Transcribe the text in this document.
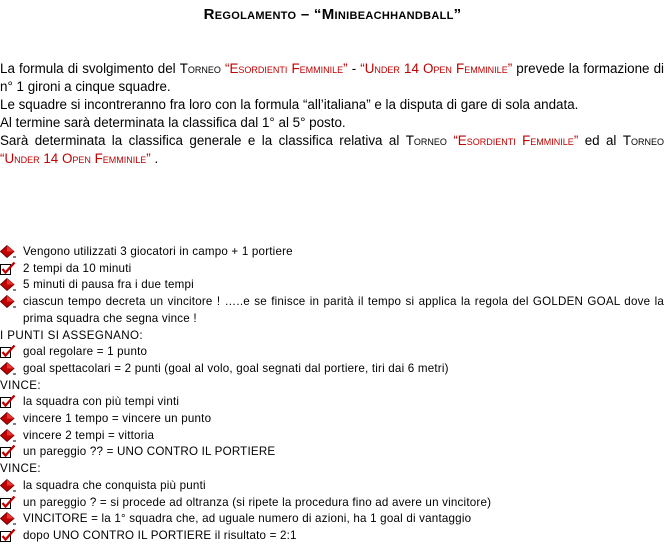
Regolamento – “Minibeachhandball”

La formula di svolgimento del Torneo “Esordienti Femminile” - “Under 14 Open Femminile” prevede la formazione di n° 1 gironi a cinque squadre.

Le squadre si incontreranno fra loro con la formula “all’italiana” e la disputa di gare di sola andata.

Al termine sarà determinata la classifica dal 1° al 5° posto.

Sarà determinata la classifica generale e la classifica relativa al Torneo “Esordienti Femminile” ed al Torneo “Under 14 Open Femminile” .

Vengono utilizzati 3 giocatori in campo + 1 portiere
2 tempi da 10 minuti
5 minuti di pausa fra i due tempi
ciascun tempo decreta un vincitore ! …..e se finisce in parità il tempo si applica la regola del GOLDEN GOAL dove la prima squadra che segna vince !
I PUNTI SI ASSEGNANO:
goal regolare = 1 punto
goal spettacolari = 2 punti (goal al volo, goal segnati dal portiere, tiri dai 6 metri)
VINCE:
la squadra con più tempi vinti
vincere 1 tempo = vincere un punto
vincere 2 tempi = vittoria
un pareggio ?? = UNO CONTRO IL PORTIERE
VINCE:
la squadra che conquista più punti
un pareggio ? = si procede ad oltranza (si ripete la procedura fino ad avere un vincitore)
VINCITORE = la 1° squadra che, ad uguale numero di azioni, ha 1 goal di vantaggio
dopo UNO CONTRO IL PORTIERE il risultato = 2:1
